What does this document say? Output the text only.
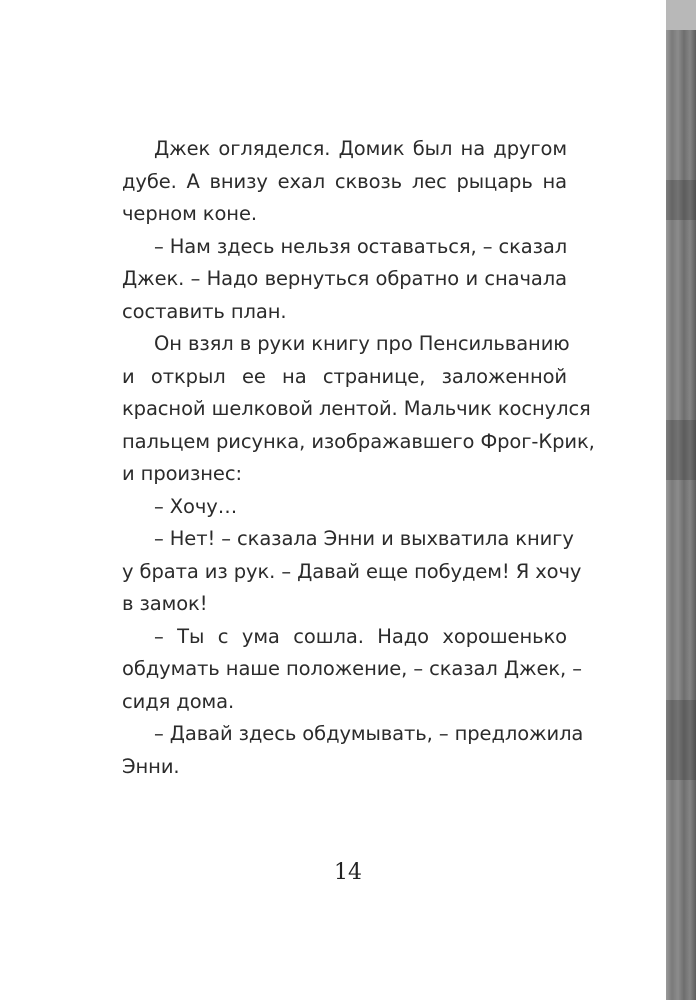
Джек огляделся. Домик был на другом
дубе. А внизу ехал сквозь лес рыцарь на
черном коне.
– Нам здесь нельзя оставаться, – сказал
Джек. – Надо вернуться обратно и сначала
составить план.
Он взял в руки книгу про Пенсильванию
и открыл ее на странице, заложенной
красной шелковой лентой. Мальчик коснулся
пальцем рисунка, изображавшего Фрог-Крик,
и произнес:
– Хочу…
– Нет! – сказала Энни и выхватила книгу
у брата из рук. – Давай еще побудем! Я хочу
в замок!
– Ты с ума сошла. Надо хорошенько
обдумать наше положение, – сказал Джек, –
сидя дома.
– Давай здесь обдумывать, – предложила
Энни.
14
